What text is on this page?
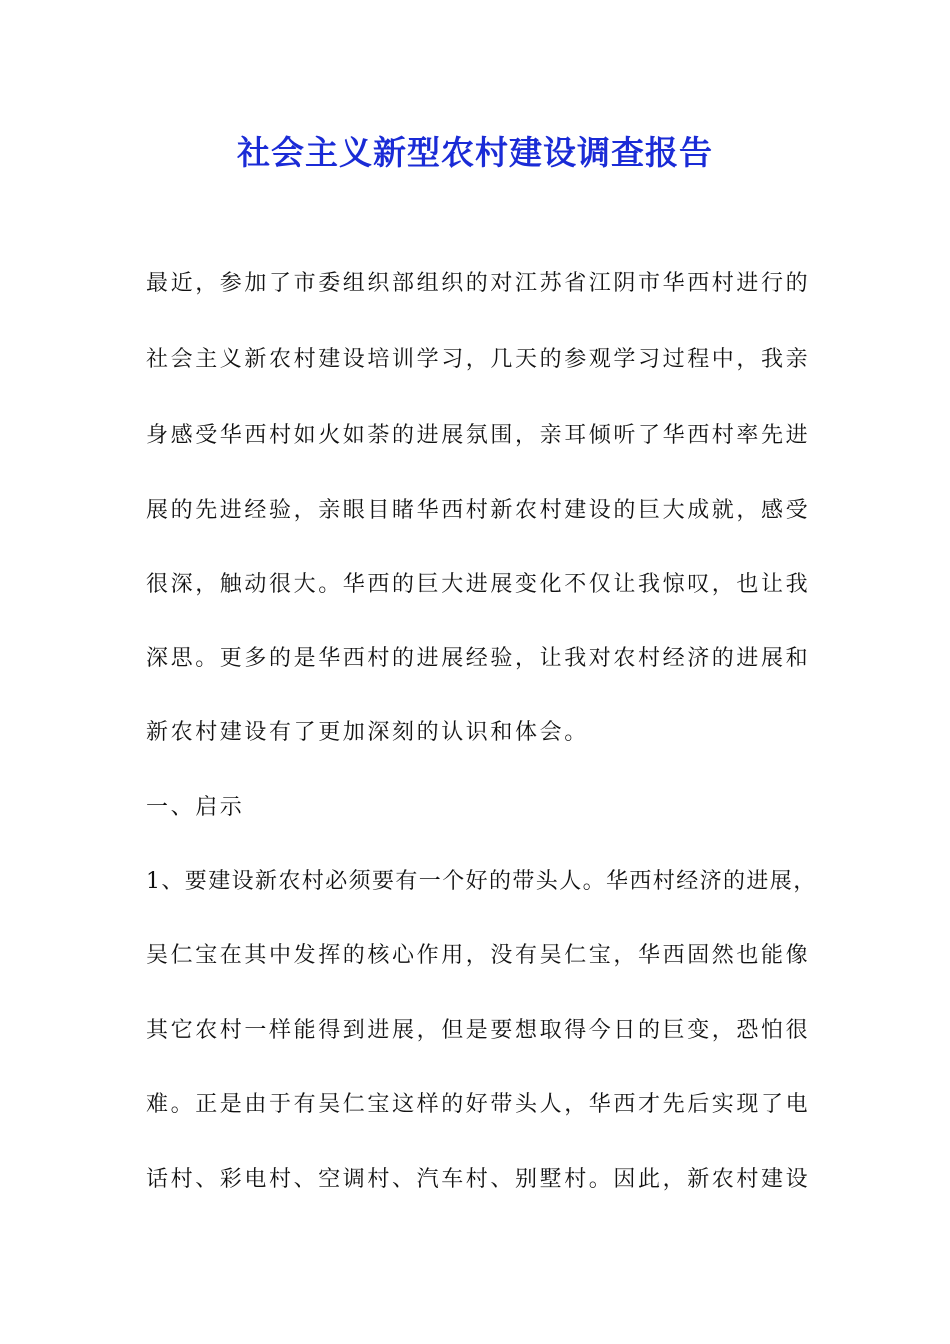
社会主义新型农村建设调查报告
最近，参加了市委组织部组织的对江苏省江阴市华西村进行的
社会主义新农村建设培训学习，几天的参观学习过程中，我亲
身感受华西村如火如荼的进展氛围，亲耳倾听了华西村率先进
展的先进经验，亲眼目睹华西村新农村建设的巨大成就，感受
很深，触动很大。华西的巨大进展变化不仅让我惊叹，也让我
深思。更多的是华西村的进展经验，让我对农村经济的进展和
新农村建设有了更加深刻的认识和体会。
一、启示
1、要建设新农村必须要有一个好的带头人。华西村经济的进展，
吴仁宝在其中发挥的核心作用，没有吴仁宝，华西固然也能像
其它农村一样能得到进展，但是要想取得今日的巨变，恐怕很
难。正是由于有吴仁宝这样的好带头人，华西才先后实现了电
话村、彩电村、空调村、汽车村、别墅村。因此，新农村建设
